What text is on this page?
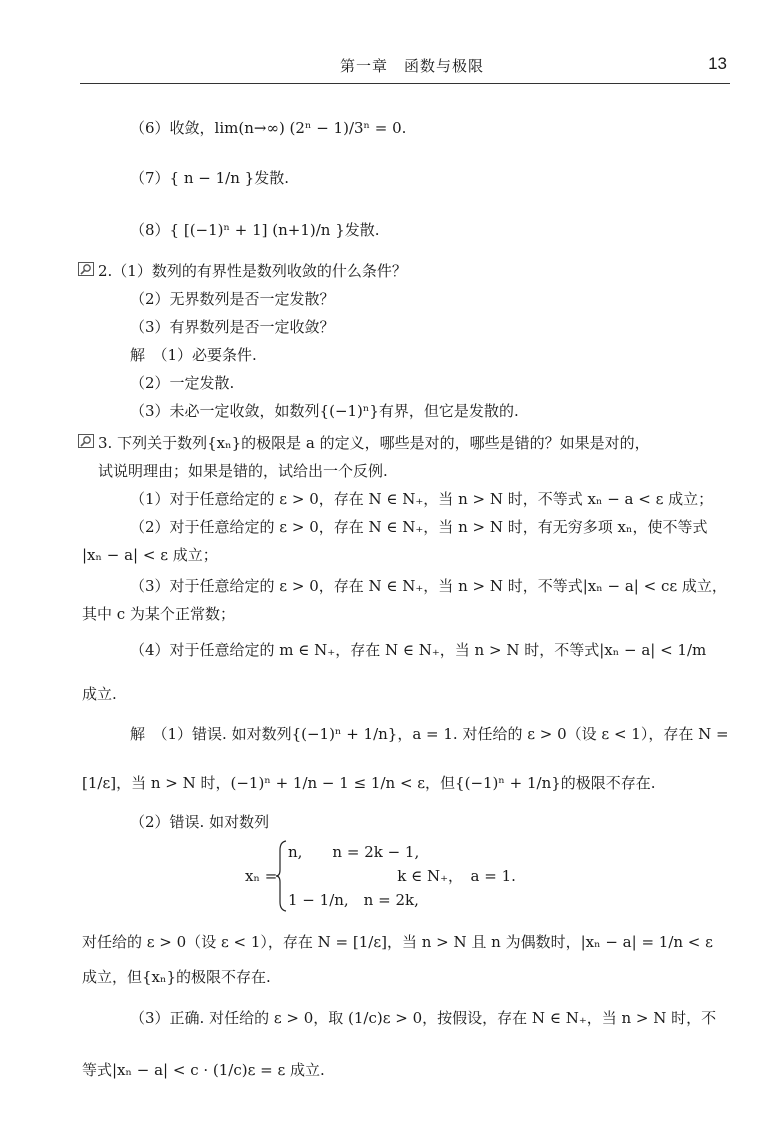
第一章　函数与极限	13
（6）收敛，lim(n→∞) (2ⁿ − 1)/3ⁿ = 0.
（7）{ n − 1/n }发散.
（8）{ [(−1)ⁿ + 1] (n+1)/n }发散.
2.（1）数列的有界性是数列收敛的什么条件？
（2）无界数列是否一定发散？
（3）有界数列是否一定收敛？
解　（1）必要条件.
（2）一定发散.
（3）未必一定收敛，如数列{(−1)ⁿ}有界，但它是发散的.
3. 下列关于数列{xₙ}的极限是 a 的定义，哪些是对的，哪些是错的？如果是对的，
试说明理由；如果是错的，试给出一个反例.
（1）对于任意给定的 ε > 0，存在 N ∈ N₊，当 n > N 时，不等式 xₙ − a < ε 成立；
（2）对于任意给定的 ε > 0，存在 N ∈ N₊，当 n > N 时，有无穷多项 xₙ，使不等式
|xₙ − a| < ε 成立；
（3）对于任意给定的 ε > 0，存在 N ∈ N₊，当 n > N 时，不等式|xₙ − a| < cε 成立，
其中 c 为某个正常数；
（4）对于任意给定的 m ∈ N₊，存在 N ∈ N₊，当 n > N 时，不等式|xₙ − a| < 1/m
成立.
解　（1）错误. 如对数列{(−1)ⁿ + 1/n}，a = 1. 对任给的 ε > 0（设 ε < 1），存在 N =
[1/ε]，当 n > N 时，(−1)ⁿ + 1/n − 1 ≤ 1/n < ε，但{(−1)ⁿ + 1/n}的极限不存在.
（2）错误. 如对数列
n,　　n = 2k − 1,
xₙ =　　　　　　　　k ∈ N₊，　a = 1.
1 − 1/n,　n = 2k,
对任给的 ε > 0（设 ε < 1），存在 N = [1/ε]，当 n > N 且 n 为偶数时，|xₙ − a| = 1/n < ε
成立，但{xₙ}的极限不存在.
（3）正确. 对任给的 ε > 0，取 (1/c)ε > 0，按假设，存在 N ∈ N₊，当 n > N 时，不
等式|xₙ − a| < c · (1/c)ε = ε 成立.
